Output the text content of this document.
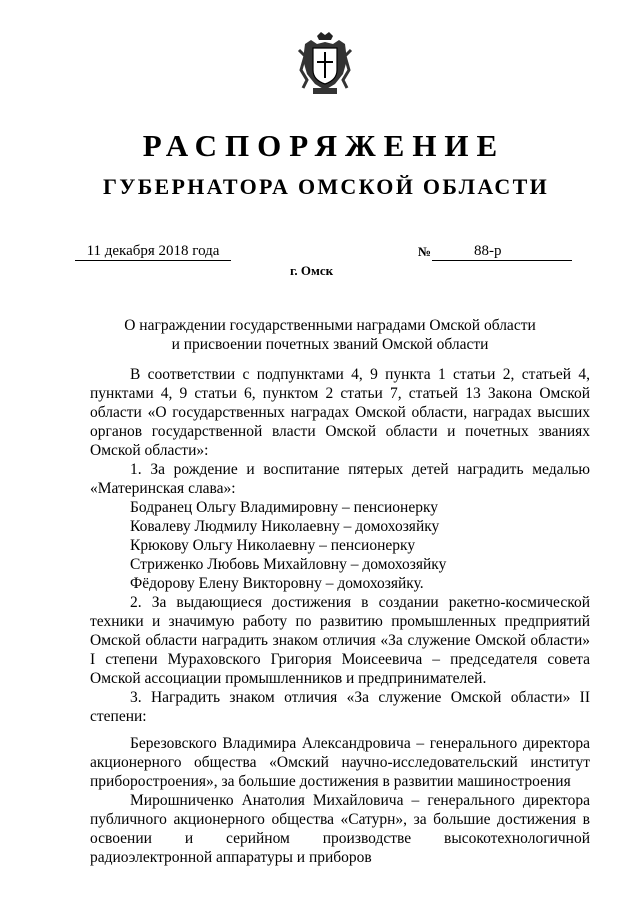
РАСПОРЯЖЕНИЕ
ГУБЕРНАТОРА ОМСКОЙ ОБЛАСТИ
11 декабря 2018 года	№	88-р
г. Омск
О награждении государственными наградами Омской области
и присвоении почетных званий Омской области

В соответствии с подпунктами 4, 9 пункта 1 статьи 2, статьей 4, пунктами 4, 9 статьи 6, пунктом 2 статьи 7, статьей 13 Закона Омской области «О государственных наградах Омской области, наградах высших органов государственной власти Омской области и почетных званиях Омской области»:

1. За рождение и воспитание пятерых детей наградить медалью «Материнская слава»:

Бодранец Ольгу Владимировну – пенсионерку

Ковалеву Людмилу Николаевну – домохозяйку

Крюкову Ольгу Николаевну – пенсионерку

Стриженко Любовь Михайловну – домохозяйку

Фёдорову Елену Викторовну – домохозяйку.

2. За выдающиеся достижения в создании ракетно-космической техники и значимую работу по развитию промышленных предприятий Омской области наградить знаком отличия «За служение Омской области» I степени Мураховского Григория Моисеевича – председателя совета Омской ассоциации промышленников и предпринимателей.

3. Наградить знаком отличия «За служение Омской области» II степени:

Березовского Владимира Александровича – генерального директора акционерного общества «Омский научно-исследовательский институт приборостроения», за большие достижения в развитии машиностроения

Мирошниченко Анатолия Михайловича – генерального директора публичного акционерного общества «Сатурн», за большие достижения в освоении и серийном производстве высокотехнологичной радиоэлектронной аппаратуры и приборов
